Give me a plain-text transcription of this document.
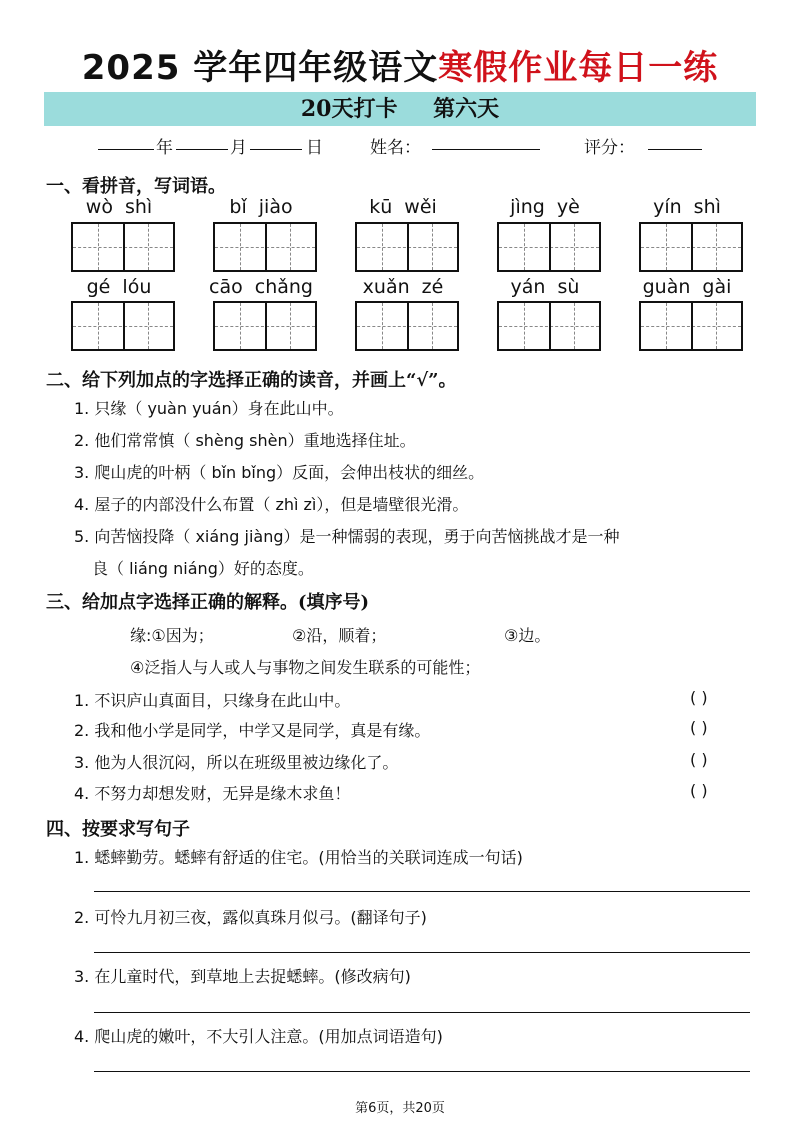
2025 学年四年级语文寒假作业每日一练
20天打卡 第六天
年	月	日	姓名：	评分：
一、看拼音，写词语。
wò shì	bǐ jiào	kū wěi	jìng yè	yín shì
gé lóu	cāo chǎng	xuǎn zé	yán sù	guàn gài
二、给下列加点的字选择正确的读音，并画上“√”。
1. 只缘（ yuàn yuán）身在此山中。
2. 他们常常慎（ shèng shèn）重地选择住址。
3. 爬山虎的叶柄（ bǐn bǐng）反面，会伸出枝状的细丝。
4. 屋子的内部没什么布置（ zhì zì），但是墙壁很光滑。
5. 向苦恼投降（ xiáng jiàng）是一种懦弱的表现，勇于向苦恼挑战才是一种
良（ liáng niáng）好的态度。
三、给加点字选择正确的解释。(填序号)
缘:①因为；	②沿，顺着；	③边。
④泛指人与人或人与事物之间发生联系的可能性；
1. 不识庐山真面目，只缘身在此山中。	( )
2. 我和他小学是同学，中学又是同学，真是有缘。	( )
3. 他为人很沉闷，所以在班级里被边缘化了。	( )
4. 不努力却想发财，无异是缘木求鱼！	( )
四、按要求写句子
1. 蟋蟀勤劳。蟋蟀有舒适的住宅。(用恰当的关联词连成一句话)
2. 可怜九月初三夜，露似真珠月似弓。(翻译句子)
3. 在儿童时代，到草地上去捉蟋蟀。(修改病句)
4. 爬山虎的嫩叶，不大引人注意。(用加点词语造句)
第6页，共20页
